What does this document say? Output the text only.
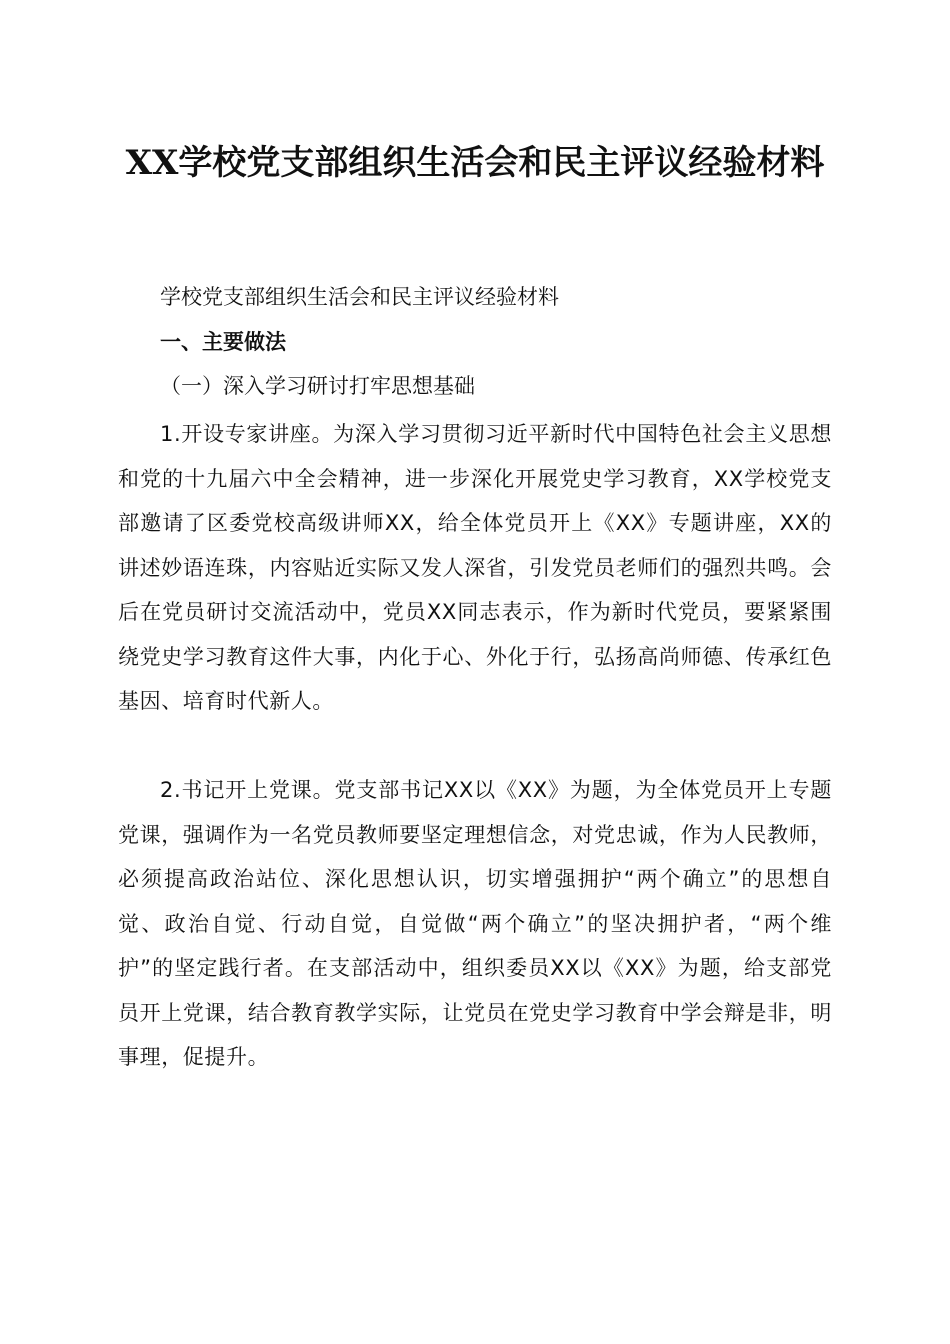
XX学校党支部组织生活会和民主评议经验材料

学校党支部组织生活会和民主评议经验材料

一、主要做法

（一）深入学习研讨打牢思想基础

1.开设专家讲座。为深入学习贯彻习近平新时代中国特色社会主义思想和党的十九届六中全会精神，进一步深化开展党史学习教育，XX学校党支部邀请了区委党校高级讲师XX，给全体党员开上《XX》专题讲座，XX的讲述妙语连珠，内容贴近实际又发人深省，引发党员老师们的强烈共鸣。会后在党员研讨交流活动中，党员XX同志表示，作为新时代党员，要紧紧围绕党史学习教育这件大事，内化于心、外化于行，弘扬高尚师德、传承红色基因、培育时代新人。

2.书记开上党课。党支部书记XX以《XX》为题，为全体党员开上专题党课，强调作为一名党员教师要坚定理想信念，对党忠诚，作为人民教师，必须提高政治站位、深化思想认识，切实增强拥护“两个确立”的思想自觉、政治自觉、行动自觉，自觉做“两个确立”的坚决拥护者，“两个维护”的坚定践行者。在支部活动中，组织委员XX以《XX》为题，给支部党员开上党课，结合教育教学实际，让党员在党史学习教育中学会辩是非，明事理，促提升。
